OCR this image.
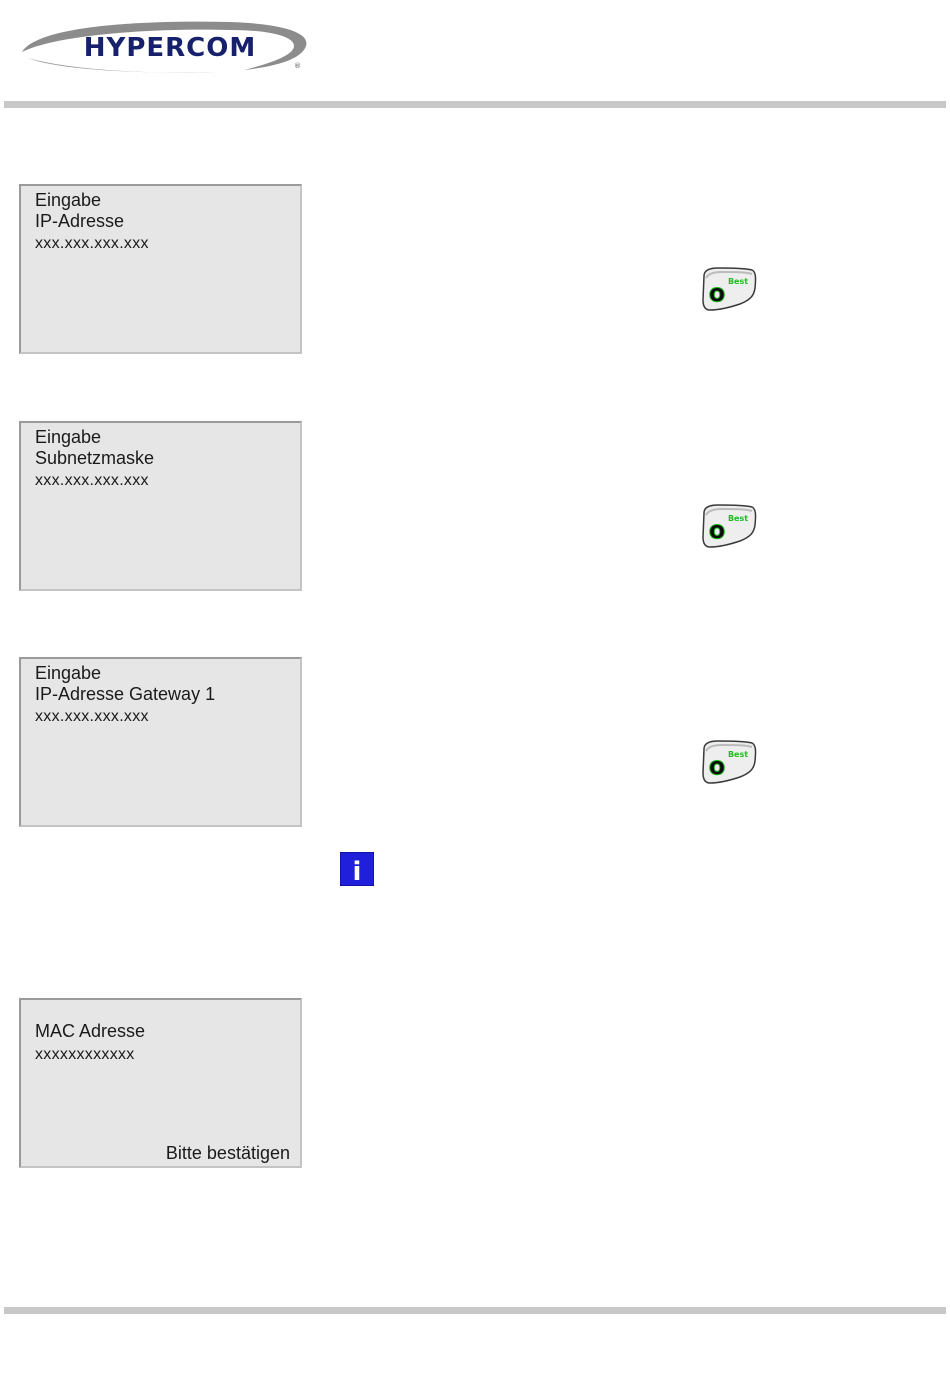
HYPERCOM
®
Eingabe
IP-Adresse
xxx.xxx.xxx.xxx
Eingabe
Subnetzmaske
xxx.xxx.xxx.xxx
Eingabe
IP-Adresse Gateway 1
xxx.xxx.xxx.xxx
MAC Adresse
xxxxxxxxxxxx
Bitte bestätigen
O
Best
O
Best
O
Best
i
